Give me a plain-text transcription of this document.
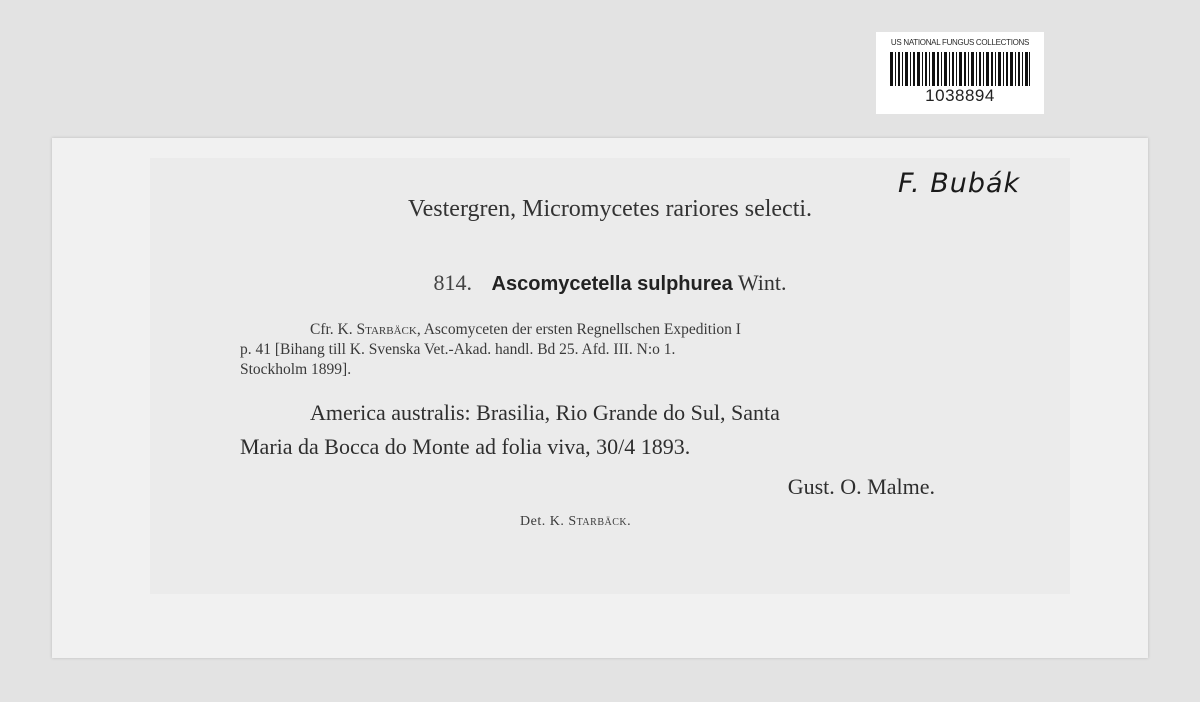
US NATIONAL FUNGUS COLLECTIONS
1038894
F. Bubák
Vestergren, Micromycetes rariores selecti.
814. Ascomycetella sulphurea Wint.

Cfr. K. Starbäck, Ascomyceten der ersten Regnellschen Expedition I

p. 41 [Bihang till K. Svenska Vet.-Akad. handl. Bd 25. Afd. III. N:o 1.

Stockholm 1899].

America australis: Brasilia, Rio Grande do Sul, Santa

Maria da Bocca do Monte ad folia viva, 30/4 1893.

Gust. O. Malme.
Det. K. Starbäck.
